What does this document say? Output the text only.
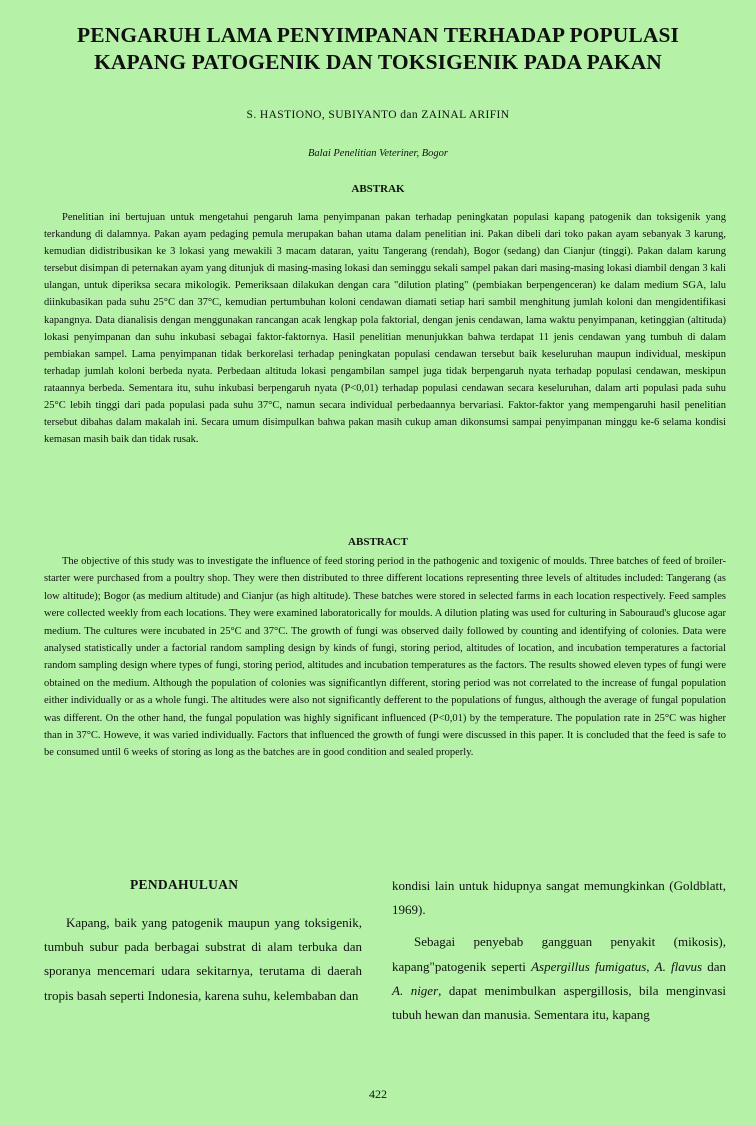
PENGARUH LAMA PENYIMPANAN TERHADAP POPULASI
KAPANG PATOGENIK DAN TOKSIGENIK PADA PAKAN
S. HASTIONO, SUBIYANTO dan ZAINAL ARIFIN
Balai Penelitian Veteriner, Bogor
ABSTRAK

Penelitian ini bertujuan untuk mengetahui pengaruh lama penyimpanan pakan terhadap peningkatan populasi kapang patogenik dan toksigenik yang terkandung di dalamnya. Pakan ayam pedaging pemula merupakan bahan utama dalam penelitian ini. Pakan dibeli dari toko pakan ayam sebanyak 3 karung, kemudian didistribusikan ke 3 lokasi yang mewakili 3 macam dataran, yaitu Tangerang (rendah), Bogor (sedang) dan Cianjur (tinggi). Pakan dalam karung tersebut disimpan di peternakan ayam yang ditunjuk di masing-masing lokasi dan seminggu sekali sampel pakan dari masing-masing lokasi diambil dengan 3 kali ulangan, untuk diperiksa secara mikologik. Pemeriksaan dilakukan dengan cara "dilution plating" (pembiakan berpengenceran) ke dalam medium SGA, lalu diinkubasikan pada suhu 25°C dan 37°C, kemudian pertumbuhan koloni cendawan diamati setiap hari sambil menghitung jumlah koloni dan mengidentifikasi kapangnya. Data dianalisis dengan menggunakan rancangan acak lengkap pola faktorial, dengan jenis cendawan, lama waktu penyimpanan, ketinggian (altituda) lokasi penyimpanan dan suhu inkubasi sebagai faktor-faktornya. Hasil penelitian menunjukkan bahwa terdapat 11 jenis cendawan yang tumbuh di dalam pembiakan sampel. Lama penyimpanan tidak berkorelasi terhadap peningkatan populasi cendawan tersebut baik keseluruhan maupun individual, meskipun terhadap jumlah koloni berbeda nyata. Perbedaan altituda lokasi pengambilan sampel juga tidak berpengaruh nyata terhadap populasi cendawan, meskipun rataannya berbeda. Sementara itu, suhu inkubasi berpengaruh nyata (P<0,01) terhadap populasi cendawan secara keseluruhan, dalam arti populasi pada suhu 25°C lebih tinggi dari pada populasi pada suhu 37°C, namun secara individual perbedaannya bervariasi. Faktor-faktor yang mempengaruhi hasil penelitian tersebut dibahas dalam makalah ini. Secara umum disimpulkan bahwa pakan masih cukup aman dikonsumsi sampai penyimpanan minggu ke-6 selama kondisi kemasan masih baik dan tidak rusak.

ABSTRACT

The objective of this study was to investigate the influence of feed storing period in the pathogenic and toxigenic of moulds. Three batches of feed of broiler-starter were purchased from a poultry shop. They were then distributed to three different locations representing three levels of altitudes included: Tangerang (as low altitude); Bogor (as medium altitude) and Cianjur (as high altitude). These batches were stored in selected farms in each location respectively. Feed samples were collected weekly from each locations. They were examined laboratorically for moulds. A dilution plating was used for culturing in Sabouraud's glucose agar medium. The cultures were incubated in 25°C and 37°C. The growth of fungi was observed daily followed by counting and identifying of colonies. Data were analysed statistically under a factorial random sampling design by kinds of fungi, storing period, altitudes of location, and incubation temperatures a factorial random sampling design where types of fungi, storing period, altitudes and incubation temperatures as the factors. The results showed eleven types of fungi were obtained on the medium. Although the population of colonies was significantlyn different, storing period was not correlated to the increase of fungal population either individually or as a whole fungi. The altitudes were also not significantly defferent to the populations of fungus, although the average of fungal population was different. On the other hand, the fungal population was highly significant influenced (P<0,01) by the temperature. The population rate in 25°C was higher than in 37°C. Howeve, it was varied individually. Factors that influenced the growth of fungi were discussed in this paper. It is concluded that the feed is safe to be consumed until 6 weeks of storing as long as the batches are in good condition and sealed properly.

PENDAHULUAN

Kapang, baik yang patogenik maupun yang toksigenik, tumbuh subur pada berbagai substrat di alam terbuka dan sporanya mencemari udara sekitarnya, terutama di daerah tropis basah seperti Indonesia, karena suhu, kelembaban dan

kondisi lain untuk hidupnya sangat memungkinkan (Goldblatt, 1969).

Sebagai penyebab gangguan penyakit (mikosis), kapang"patogenik seperti Aspergillus fumigatus, A. flavus dan A. niger, dapat menimbulkan aspergillosis, bila menginvasi tubuh hewan dan manusia. Sementara itu, kapang

422
